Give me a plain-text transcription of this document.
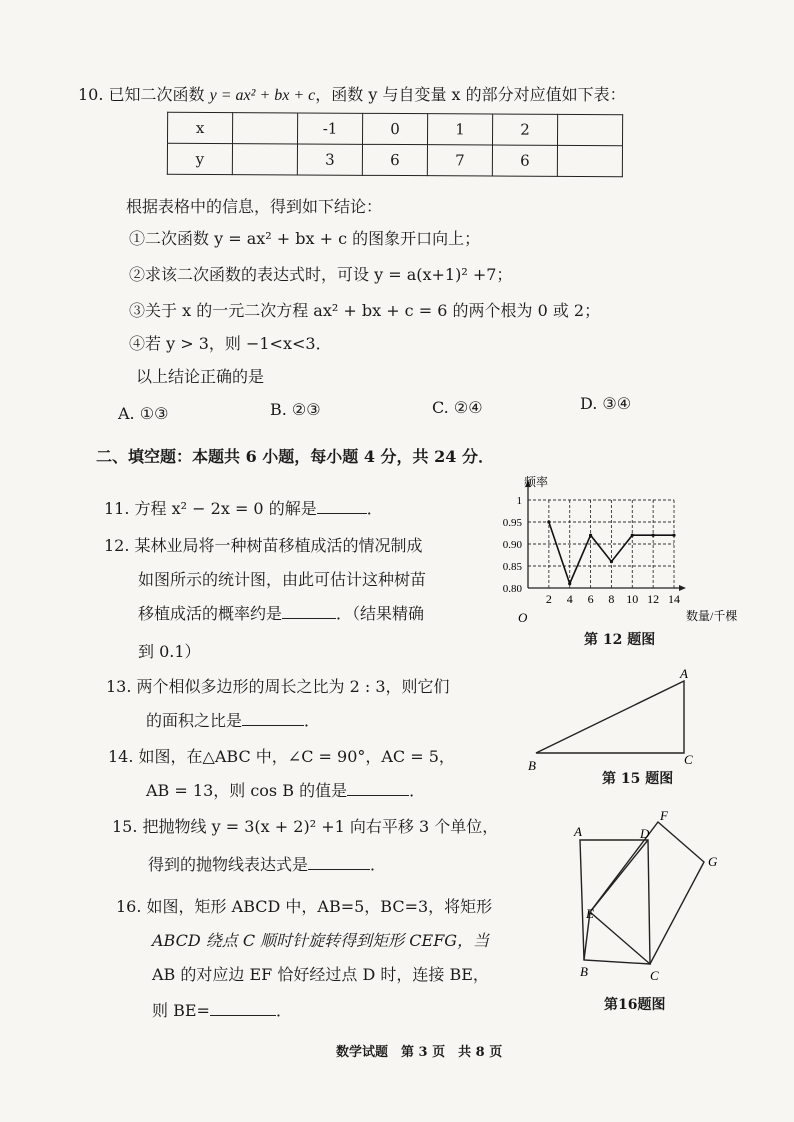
10. 已知二次函数 y = ax² + bx + c，函数 y 与自变量 x 的部分对应值如下表：
x		-1	0	1	2	
y		3	6	7	6	
根据表格中的信息，得到如下结论：
①二次函数 y = ax² + bx + c 的图象开口向上；
②求该二次函数的表达式时，可设 y = a(x+1)² +7；
③关于 x 的一元二次方程 ax² + bx + c = 6 的两个根为 0 或 2；
④若 y > 3，则 −1<x<3．
以上结论正确的是
A. ①③	B. ②③	C. ②④	D. ③④
二、填空题：本题共 6 小题，每小题 4 分，共 24 分．
11. 方程 x² − 2x = 0 的解是	．
12. 某林业局将一种树苗移植成活的情况制成
如图所示的统计图，由此可估计这种树苗
移植成活的概率约是	．（结果精确
到 0.1）
13. 两个相似多边形的周长之比为 2 : 3，则它们
的面积之比是	．
14. 如图，在△ABC 中，∠C = 90°，AC = 5，
AB = 13，则 cos B 的值是	．
15. 把抛物线 y = 3(x + 2)² +1 向右平移 3 个单位，
得到的抛物线表达式是	．
16. 如图，矩形 ABCD 中，AB=5，BC=3，将矩形
ABCD 绕点 C 顺时针旋转得到矩形 CEFG，当
AB 的对应边 EF 恰好经过点 D 时，连接 BE，
则 BE=	．
2 4 6 8 10 12 14
0.80
0.85
0.90
0.95
1
频率
数量/千棵
O
第 12 题图
A
B	C
第 15 题图
A	D
F
G
E
B	C
第16题图
数学试题　第 3 页　共 8 页
